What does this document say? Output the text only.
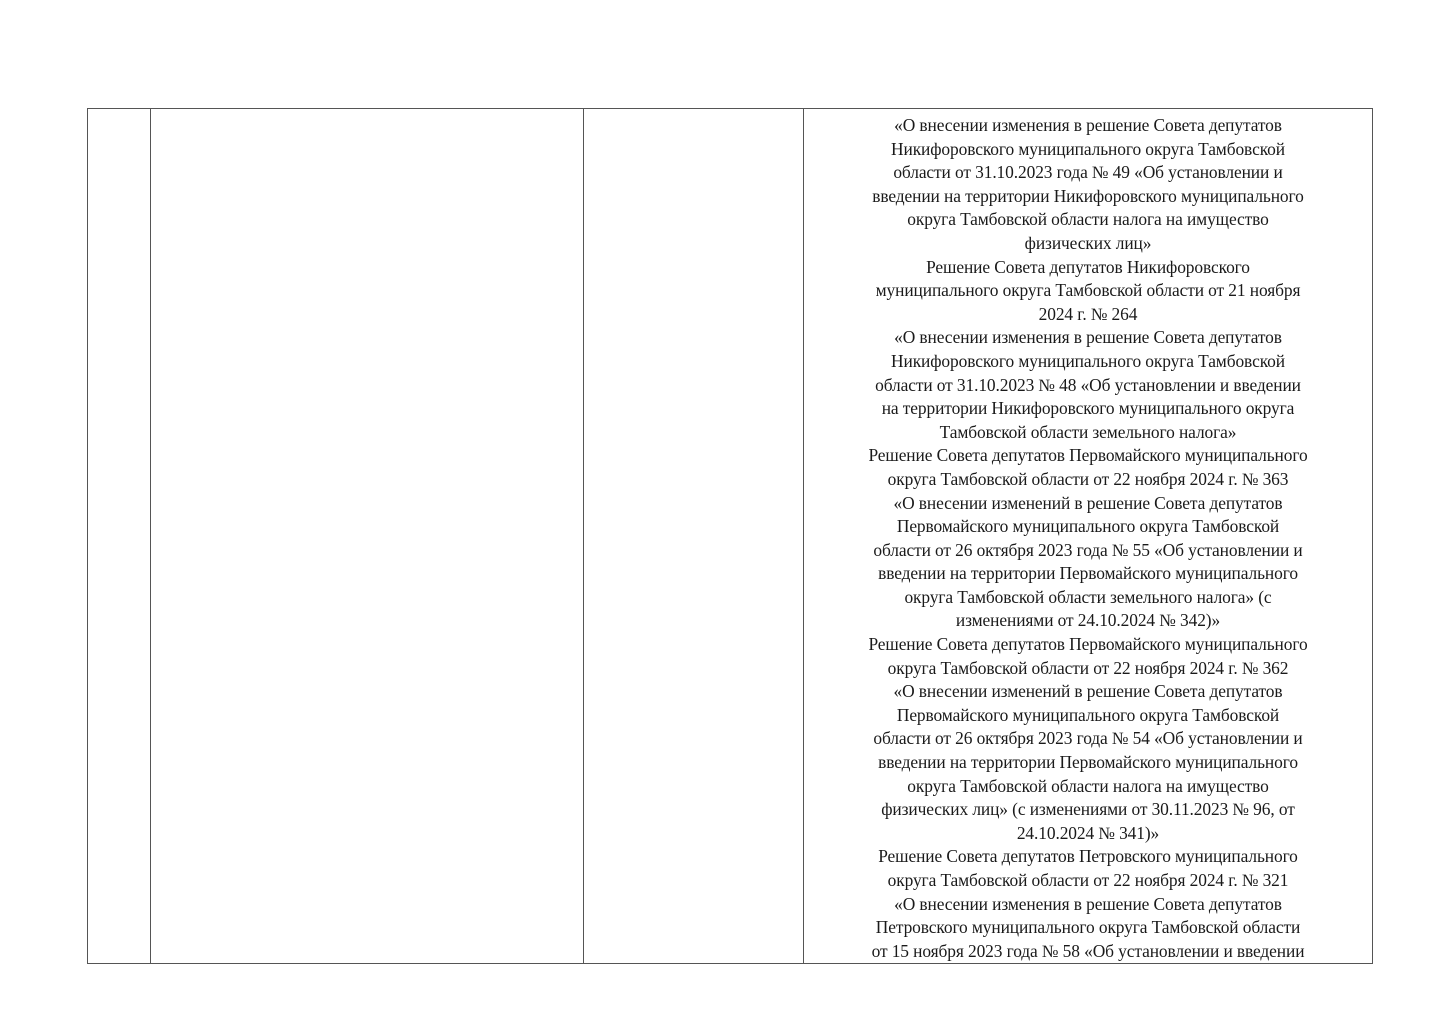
«О внесении изменения в решение Совета депутатов
Никифоровского муниципального округа Тамбовской
области от 31.10.2023 года № 49 «Об установлении и
введении на территории Никифоровского муниципального
округа Тамбовской области налога на имущество
физических лиц»
Решение Совета депутатов Никифоровского
муниципального округа Тамбовской области от 21 ноября
2024 г. № 264
«О внесении изменения в решение Совета депутатов
Никифоровского муниципального округа Тамбовской
области от 31.10.2023 № 48 «Об установлении и введении
на территории Никифоровского муниципального округа
Тамбовской области земельного налога»
Решение Совета депутатов Первомайского муниципального
округа Тамбовской области от 22 ноября 2024 г. № 363
«О внесении изменений в решение Совета депутатов
Первомайского муниципального округа Тамбовской
области от 26 октября 2023 года № 55 «Об установлении и
введении на территории Первомайского муниципального
округа Тамбовской области земельного налога» (с
изменениями от 24.10.2024 № 342)»
Решение Совета депутатов Первомайского муниципального
округа Тамбовской области от 22 ноября 2024 г. № 362
«О внесении изменений в решение Совета депутатов
Первомайского муниципального округа Тамбовской
области от 26 октября 2023 года № 54 «Об установлении и
введении на территории Первомайского муниципального
округа Тамбовской области налога на имущество
физических лиц» (с изменениями от 30.11.2023 № 96, от
24.10.2024 № 341)»
Решение Совета депутатов Петровского муниципального
округа Тамбовской области от 22 ноября 2024 г. № 321
«О внесении изменения в решение Совета депутатов
Петровского муниципального округа Тамбовской области
от 15 ноября 2023 года № 58 «Об установлении и введении
